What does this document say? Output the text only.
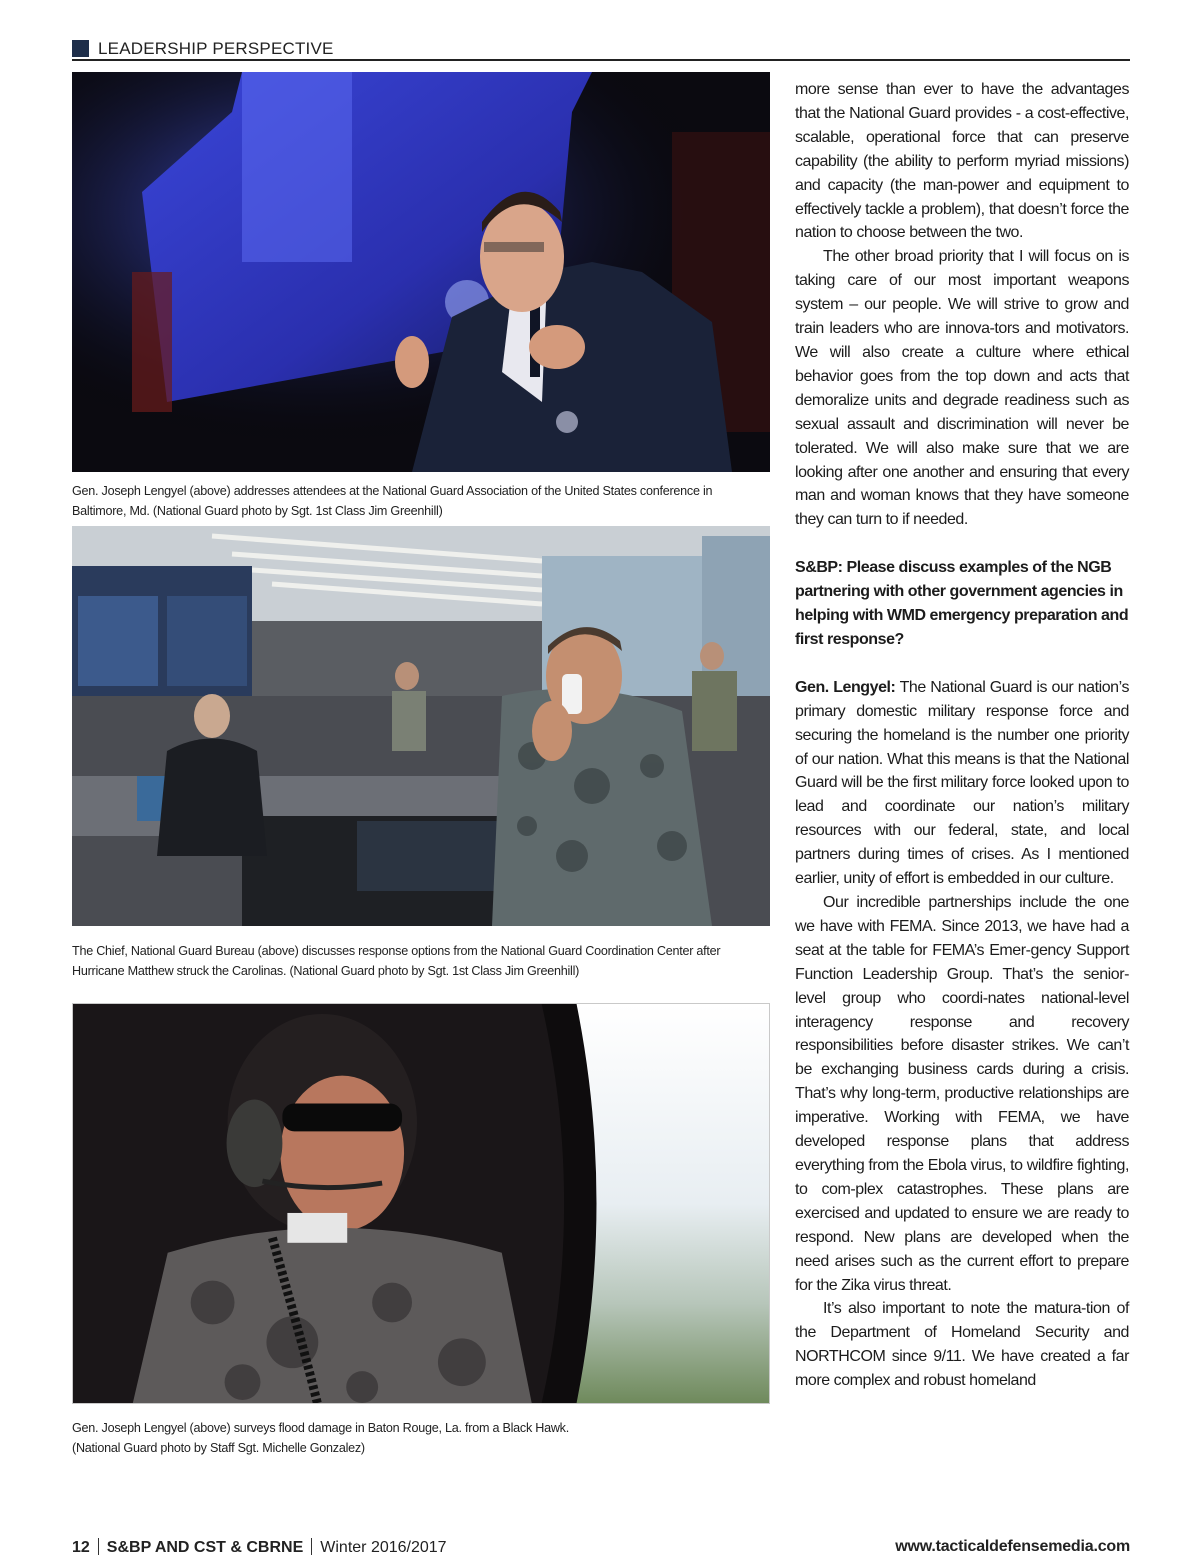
LEADERSHIP PERSPECTIVE
Gen. Joseph Lengyel (above) addresses attendees at the National Guard Association of the United States conference in
Baltimore, Md. (National Guard photo by Sgt. 1st Class Jim Greenhill)
The Chief, National Guard Bureau (above) discusses response options from the National Guard Coordination Center after
Hurricane Matthew struck the Carolinas. (National Guard photo by Sgt. 1st Class Jim Greenhill)
Gen. Joseph Lengyel (above) surveys flood damage in Baton Rouge, La. from a Black Hawk.
(National Guard photo by Staff Sgt. Michelle Gonzalez)

more sense than ever to have the advantages that the National Guard provides - a cost-effective, scalable, operational force that can preserve capability (the ability to perform myriad missions) and capacity (the man-power and equipment to effectively tackle a problem), that doesn’t force the nation to choose between the two.

The other broad priority that I will focus on is taking care of our most important weapons system – our people. We will strive to grow and train leaders who are innova-tors and motivators. We will also create a culture where ethical behavior goes from the top down and acts that demoralize units and degrade readiness such as sexual assault and discrimination will never be tolerated. We will also make sure that we are looking after one another and ensuring that every man and woman knows that they have someone they can turn to if needed.

S&BP: Please discuss examples of the NGB partnering with other government agencies in helping with WMD emergency preparation and first response?

Gen. Lengyel: The National Guard is our nation’s primary domestic military response force and securing the homeland is the number one priority of our nation. What this means is that the National Guard will be the first military force looked upon to lead and coordinate our nation’s military resources with our federal, state, and local partners during times of crises. As I mentioned earlier, unity of effort is embedded in our culture.

Our incredible partnerships include the one we have with FEMA. Since 2013, we have had a seat at the table for FEMA’s Emer-gency Support Function Leadership Group. That’s the senior-level group who coordi-nates national-level interagency response and recovery responsibilities before disaster strikes. We can’t be exchanging business cards during a crisis. That’s why long-term, productive relationships are imperative. Working with FEMA, we have developed response plans that address everything from the Ebola virus, to wildfire fighting, to com-plex catastrophes. These plans are exercised and updated to ensure we are ready to respond. New plans are developed when the need arises such as the current effort to prepare for the Zika virus threat.

It’s also important to note the matura-tion of the Department of Homeland Security and NORTHCOM since 9/11. We have created a far more complex and robust homeland

12 S&BP AND CST & CBRNE Winter 2016/2017	www.tacticaldefensemedia.com
